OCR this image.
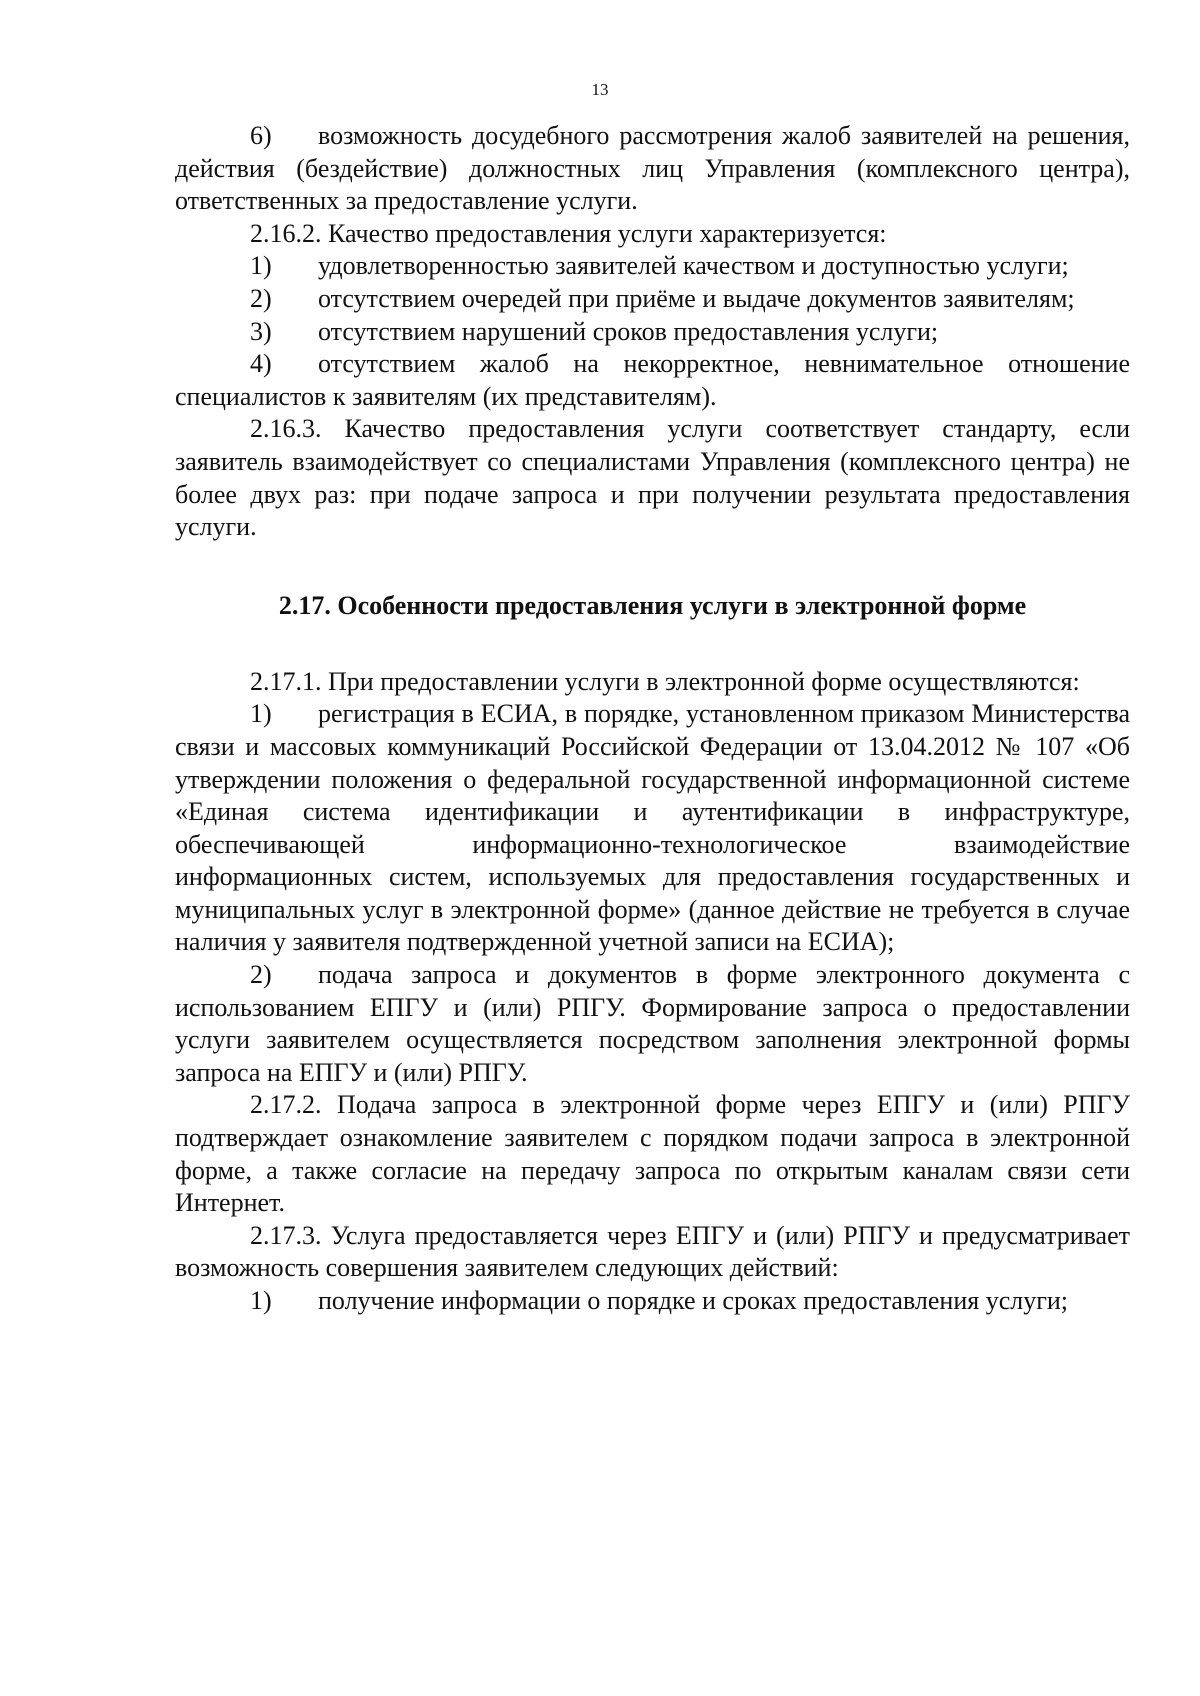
13

6) возможность досудебного рассмотрения жалоб заявителей на решения, действия (бездействие) должностных лиц Управления (комплексного центра), ответственных за предоставление услуги.

2.16.2. Качество предоставления услуги характеризуется:

1) удовлетворенностью заявителей качеством и доступностью услуги;

2) отсутствием очередей при приёме и выдаче документов заявителям;

3) отсутствием нарушений сроков предоставления услуги;

4) отсутствием жалоб на некорректное, невнимательное отношение специалистов к заявителям (их представителям).

2.16.3. Качество предоставления услуги соответствует стандарту, если заявитель взаимодействует со специалистами Управления (комплексного центра) не более двух раз: при подаче запроса и при получении результата предоставления услуги.

2.17. Особенности предоставления услуги в электронной форме

2.17.1. При предоставлении услуги в электронной форме осуществляются:

1) регистрация в ЕСИА, в порядке, установленном приказом Министерства связи и массовых коммуникаций Российской Федерации от 13.04.2012 № 107 «Об утверждении положения о федеральной государственной информационной системе «Единая система идентификации и аутентификации в инфраструктуре, обеспечивающей информационно-технологическое взаимодействие информационных систем, используемых для предоставления государственных и муниципальных услуг в электронной форме» (данное действие не требуется в случае наличия у заявителя подтвержденной учетной записи на ЕСИА);

2) подача запроса и документов в форме электронного документа с использованием ЕПГУ и (или) РПГУ. Формирование запроса о предоставлении услуги заявителем осуществляется посредством заполнения электронной формы запроса на ЕПГУ и (или) РПГУ.

2.17.2. Подача запроса в электронной форме через ЕПГУ и (или) РПГУ подтверждает ознакомление заявителем с порядком подачи запроса в электронной форме, а также согласие на передачу запроса по открытым каналам связи сети Интернет.

2.17.3. Услуга предоставляется через ЕПГУ и (или) РПГУ и предусматривает возможность совершения заявителем следующих действий:

1) получение информации о порядке и сроках предоставления услуги;
